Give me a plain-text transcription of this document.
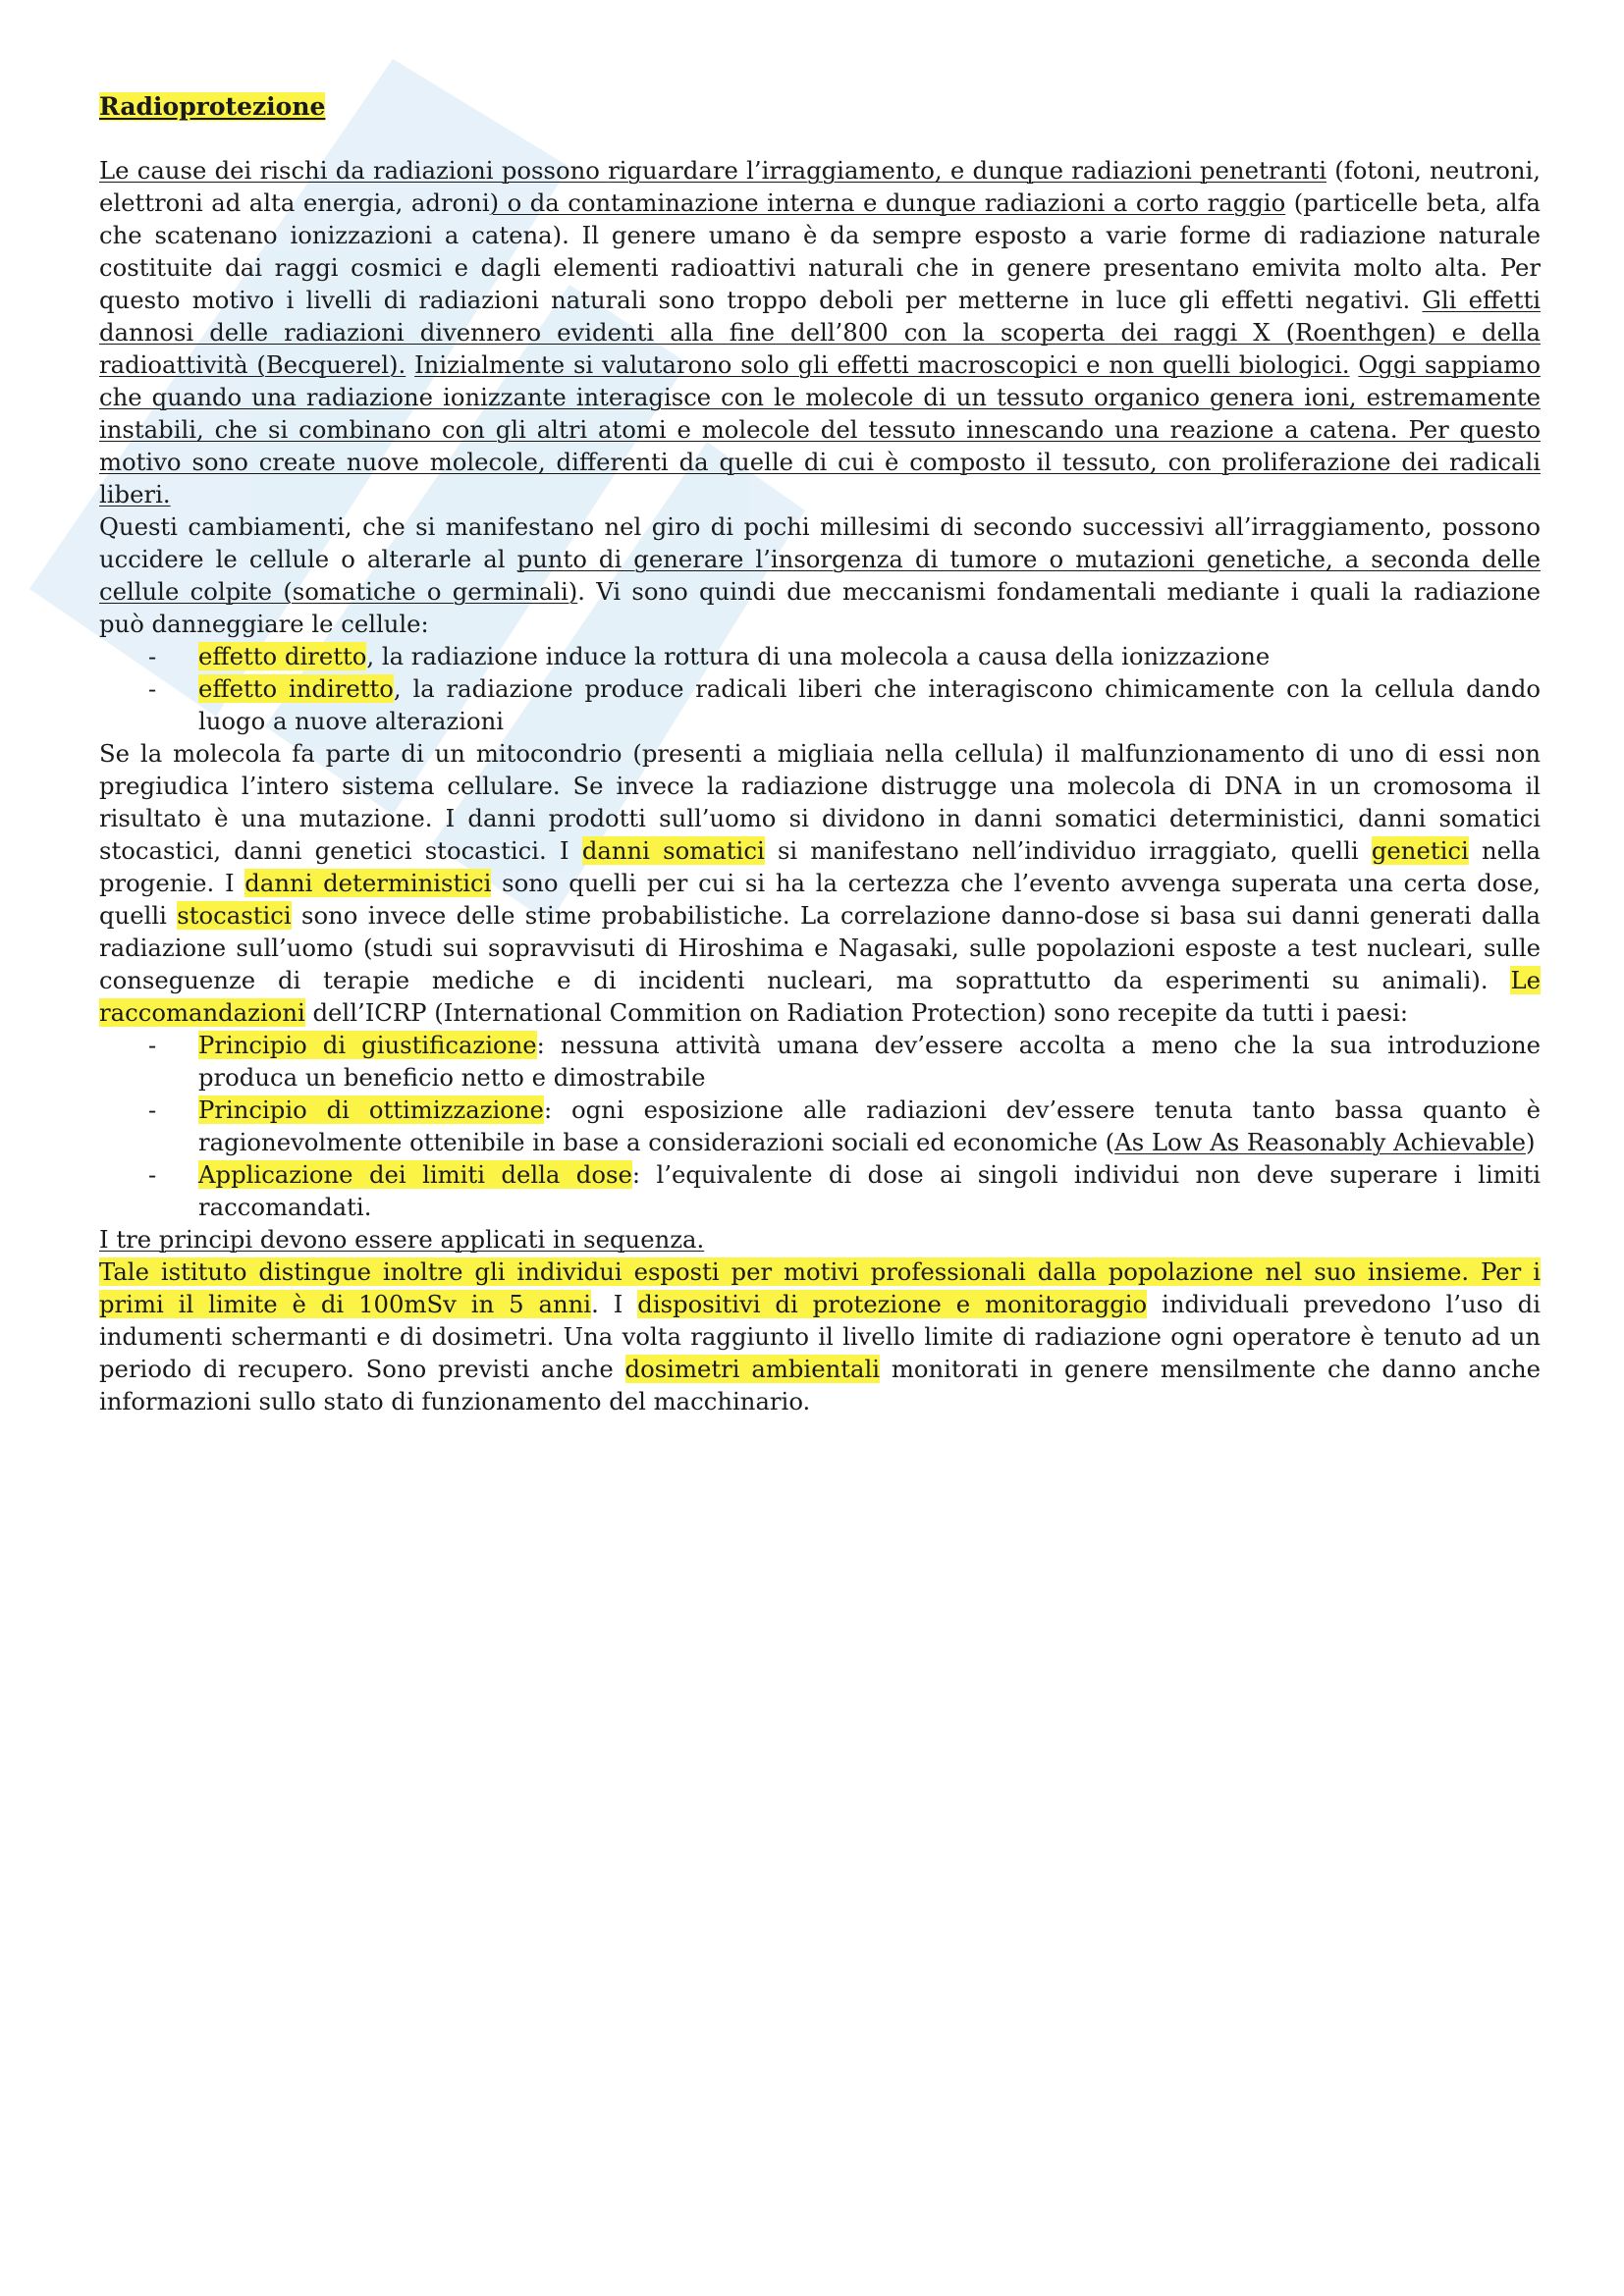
Radioprotezione

Le cause dei rischi da radiazioni possono riguardare l’irraggiamento, e dunque radiazioni penetranti (fotoni, neutroni, elettroni ad alta energia, adroni) o da contaminazione interna e dunque radiazioni a corto raggio (particelle beta, alfa che scatenano ionizzazioni a catena). Il genere umano è da sempre esposto a varie forme di radiazione naturale costituite dai raggi cosmici e dagli elementi radioattivi naturali che in genere presentano emivita molto alta. Per questo motivo i livelli di radiazioni naturali sono troppo deboli per metterne in luce gli effetti negativi. Gli effetti dannosi delle radiazioni divennero evidenti alla fine dell’800 con la scoperta dei raggi X (Roenthgen) e della radioattività (Becquerel). Inizialmente si valutarono solo gli effetti macroscopici e non quelli biologici. Oggi sappiamo che quando una radiazione ionizzante interagisce con le molecole di un tessuto organico genera ioni, estremamente instabili, che si combinano con gli altri atomi e molecole del tessuto innescando una reazione a catena. Per questo motivo sono create nuove molecole, differenti da quelle di cui è composto il tessuto, con proliferazione dei radicali liberi.

Questi cambiamenti, che si manifestano nel giro di pochi millesimi di secondo successivi all’irraggiamento, possono uccidere le cellule o alterarle al punto di generare l’insorgenza di tumore o mutazioni genetiche, a seconda delle cellule colpite (somatiche o germinali). Vi sono quindi due meccanismi fondamentali mediante i quali la radiazione può danneggiare le cellule:

- effetto diretto, la radiazione induce la rottura di una molecola a causa della ionizzazione
- effetto indiretto, la radiazione produce radicali liberi che interagiscono chimicamente con la cellula dando luogo a nuove alterazioni

Se la molecola fa parte di un mitocondrio (presenti a migliaia nella cellula) il malfunzionamento di uno di essi non pregiudica l’intero sistema cellulare. Se invece la radiazione distrugge una molecola di DNA in un cromosoma il risultato è una mutazione. I danni prodotti sull’uomo si dividono in danni somatici deterministici, danni somatici stocastici, danni genetici stocastici. I danni somatici si manifestano nell’individuo irraggiato, quelli genetici nella progenie. I danni deterministici sono quelli per cui si ha la certezza che l’evento avvenga superata una certa dose, quelli stocastici sono invece delle stime probabilistiche. La correlazione danno-dose si basa sui danni generati dalla radiazione sull’uomo (studi sui sopravvisuti di Hiroshima e Nagasaki, sulle popolazioni esposte a test nucleari, sulle conseguenze di terapie mediche e di incidenti nucleari, ma soprattutto da esperimenti su animali). Le raccomandazioni dell’ICRP (International Commition on Radiation Protection) sono recepite da tutti i paesi:

- Principio di giustificazione: nessuna attività umana dev’essere accolta a meno che la sua introduzione produca un beneficio netto e dimostrabile
- Principio di ottimizzazione: ogni esposizione alle radiazioni dev’essere tenuta tanto bassa quanto è ragionevolmente ottenibile in base a considerazioni sociali ed economiche (As Low As Reasonably Achievable)
- Applicazione dei limiti della dose: l’equivalente di dose ai singoli individui non deve superare i limiti raccomandati.

I tre principi devono essere applicati in sequenza.

Tale istituto distingue inoltre gli individui esposti per motivi professionali dalla popolazione nel suo insieme. Per i primi il limite è di 100mSv in 5 anni. I dispositivi di protezione e monitoraggio individuali prevedono l’uso di indumenti schermanti e di dosimetri. Una volta raggiunto il livello limite di radiazione ogni operatore è tenuto ad un periodo di recupero. Sono previsti anche dosimetri ambientali monitorati in genere mensilmente che danno anche informazioni sullo stato di funzionamento del macchinario.
